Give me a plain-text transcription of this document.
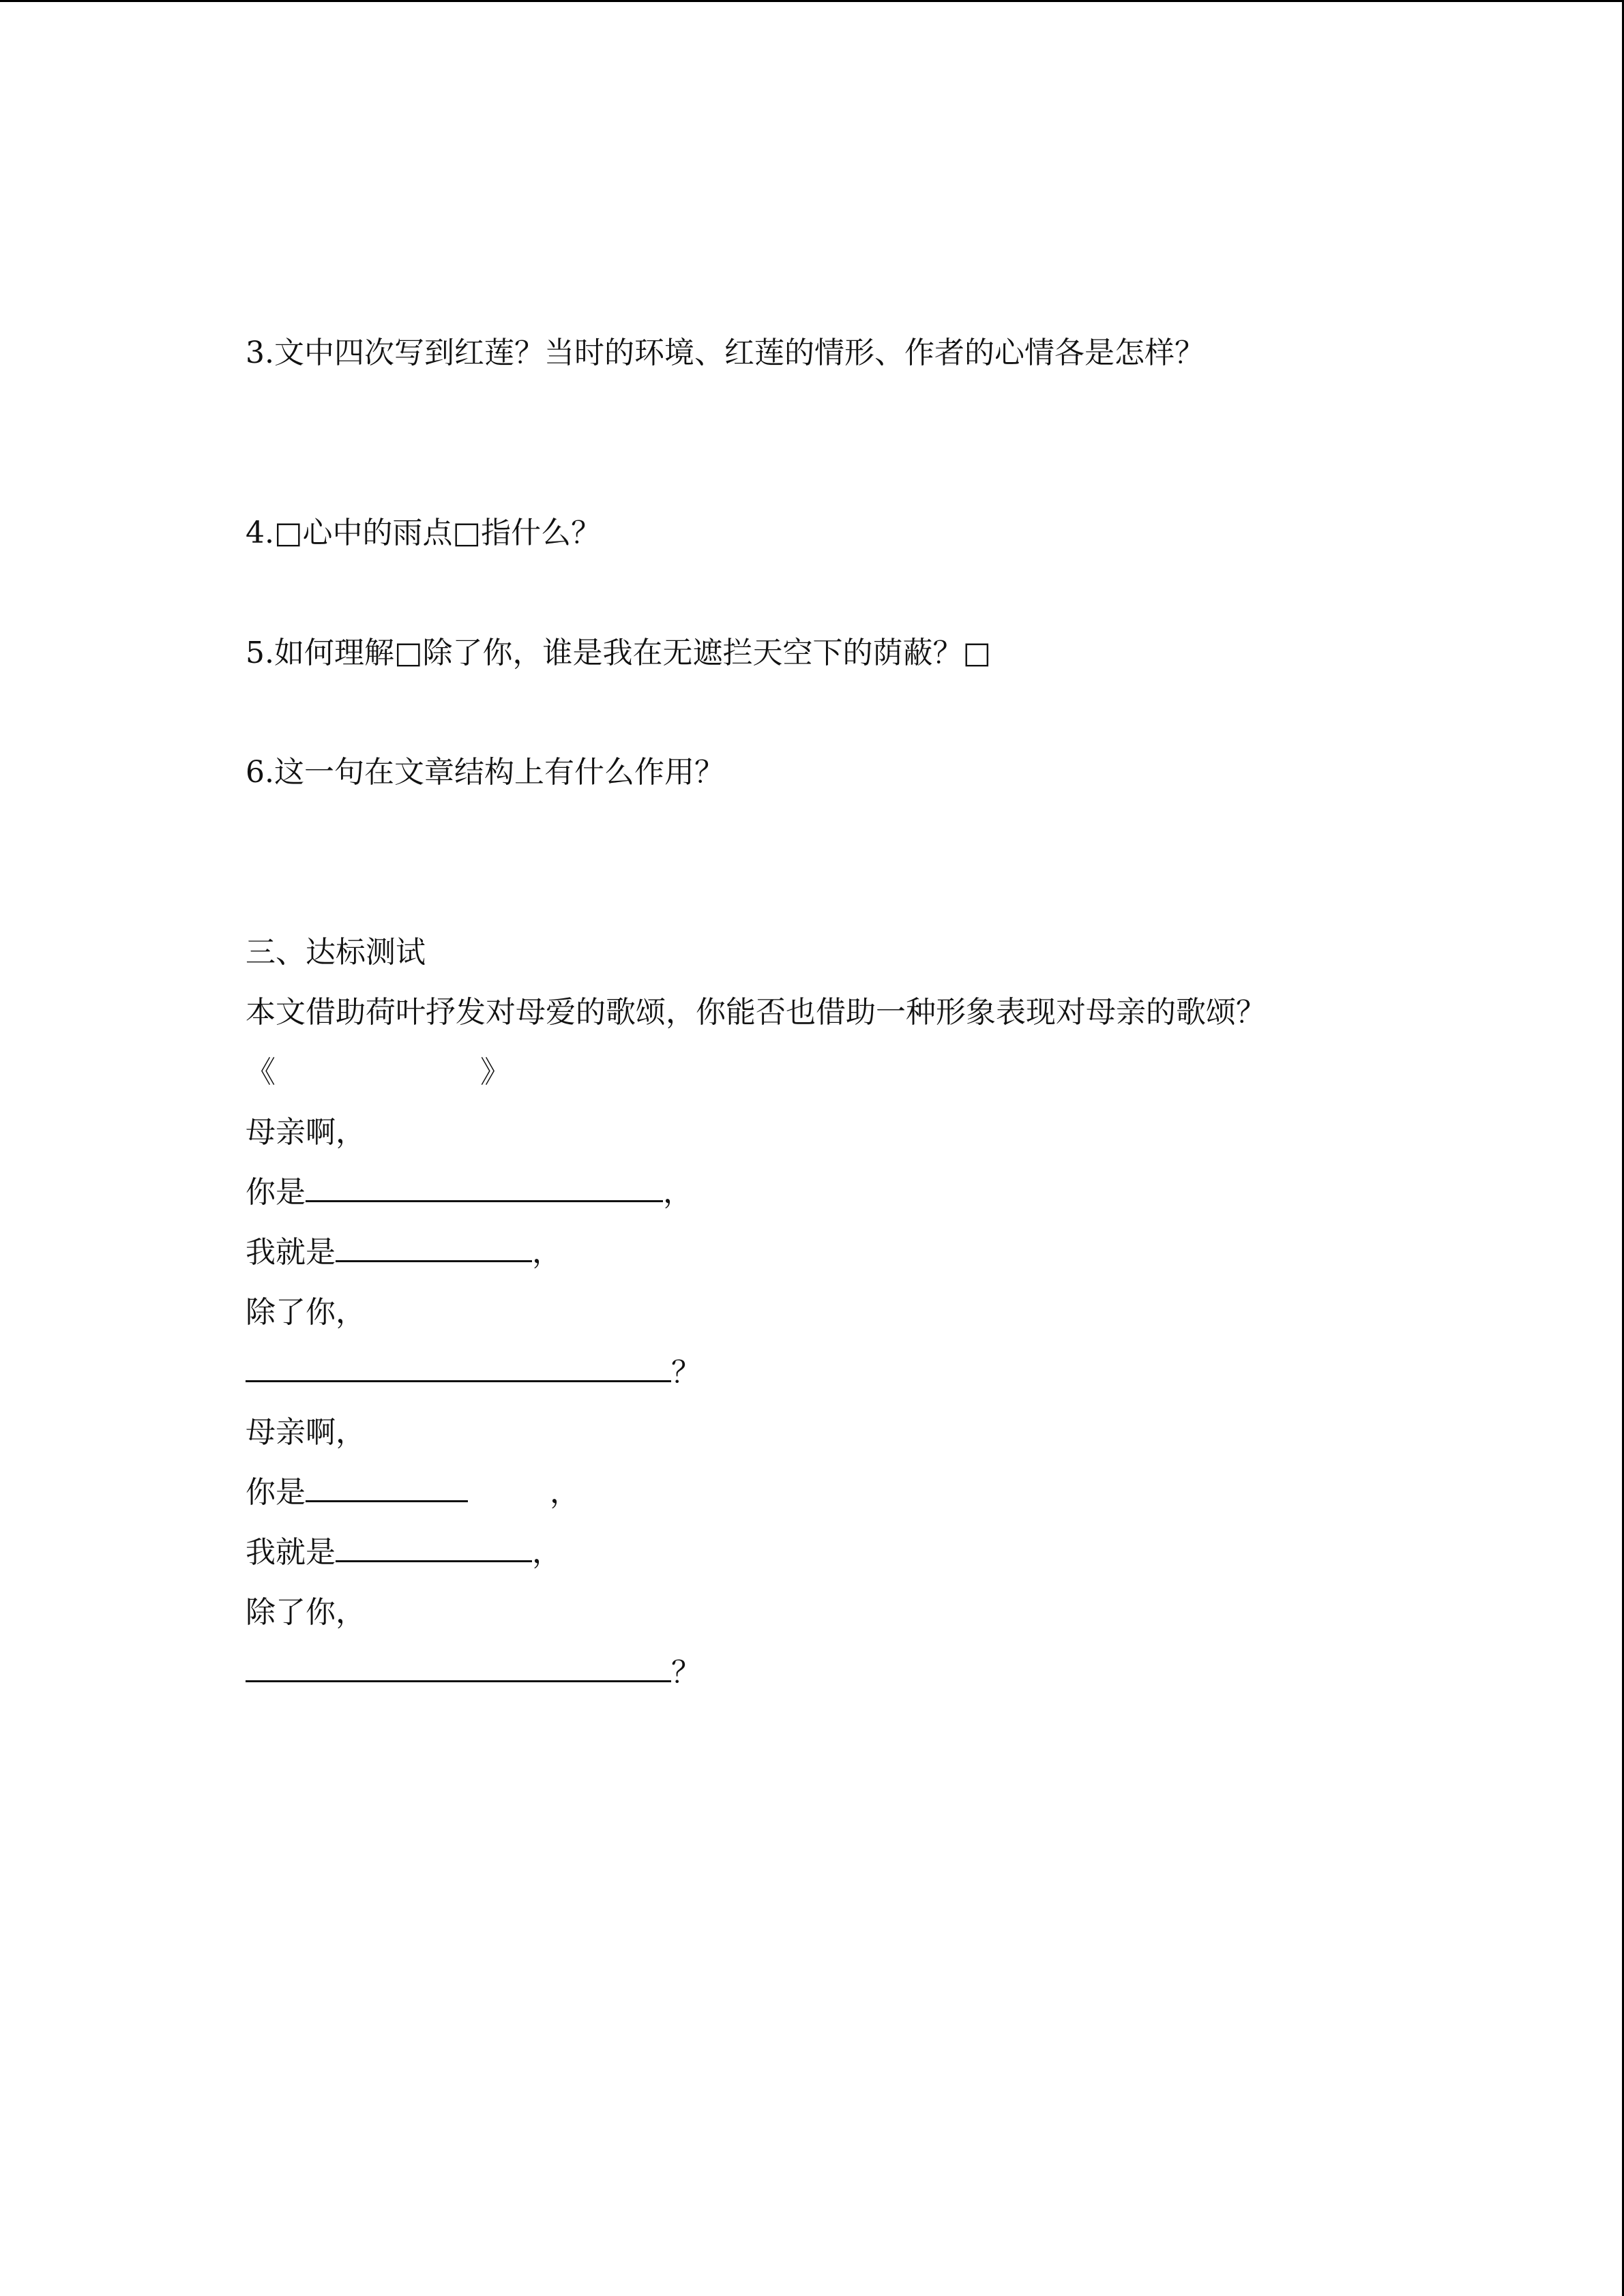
3.文中四次写到红莲？当时的环境、红莲的情形、作者的心情各是怎样？
4.□心中的雨点□指什么？
5.如何理解□除了你，谁是我在无遮拦天空下的荫蔽？□
6.这一句在文章结构上有什么作用？
三、达标测试
本文借助荷叶抒发对母爱的歌颂，你能否也借助一种形象表现对母亲的歌颂？
《	》
母亲啊，
你是	，
我就是	，
除了你，
？
母亲啊，
你是	，
我就是	，
除了你，
？
